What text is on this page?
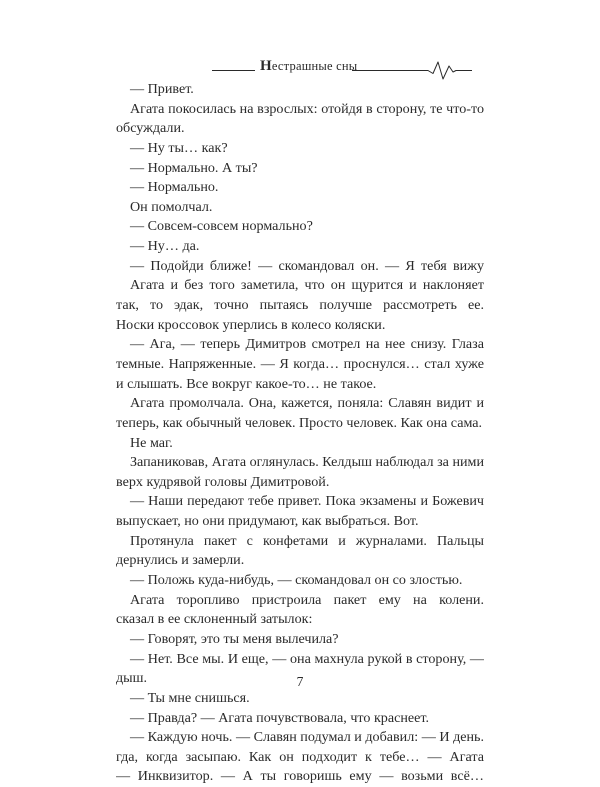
Нестрашные сны
— Привет.
Агата покосилась на взрослых: отойдя в сторону, те что-то
обсуждали.
— Ну ты… как?
— Нормально. А ты?
— Нормально.
Он помолчал.
— Совсем-совсем нормально?
— Ну… да.
— Подойди ближе! — скомандовал он. — Я тебя вижу
Агата и без того заметила, что он щурится и наклоняет
так, то эдак, точно пытаясь получше рассмотреть ее.
Носки кроссовок уперлись в колесо коляски.
— Ага, — теперь Димитров смотрел на нее снизу. Глаза
темные. Напряженные. — Я когда… проснулся… стал хуже
и слышать. Все вокруг какое-то… не такое.
Агата промолчала. Она, кажется, поняла: Славян видит и
теперь, как обычный человек. Просто человек. Как она сама.
Не маг.
Запаниковав, Агата оглянулась. Келдыш наблюдал за ними
верх кудрявой головы Димитровой.
— Наши передают тебе привет. Пока экзамены и Божевич
выпускает, но они придумают, как выбраться. Вот.
Протянула пакет с конфетами и журналами. Пальцы
дернулись и замерли.
— Положь куда-нибудь, — скомандовал он со злостью.
Агата торопливо пристроила пакет ему на колени.
сказал в ее склоненный затылок:
— Говорят, это ты меня вылечила?
— Нет. Все мы. И еще, — она махнула рукой в сторону, —
дыш.
— Ты мне снишься.
— Правда? — Агата почувствовала, что краснеет.
— Каждую ночь. — Славян подумал и добавил: — И день.
гда, когда засыпаю. Как он подходит к тебе… — Агата
— Инквизитор. — А ты говоришь ему — возьми всё…
7
